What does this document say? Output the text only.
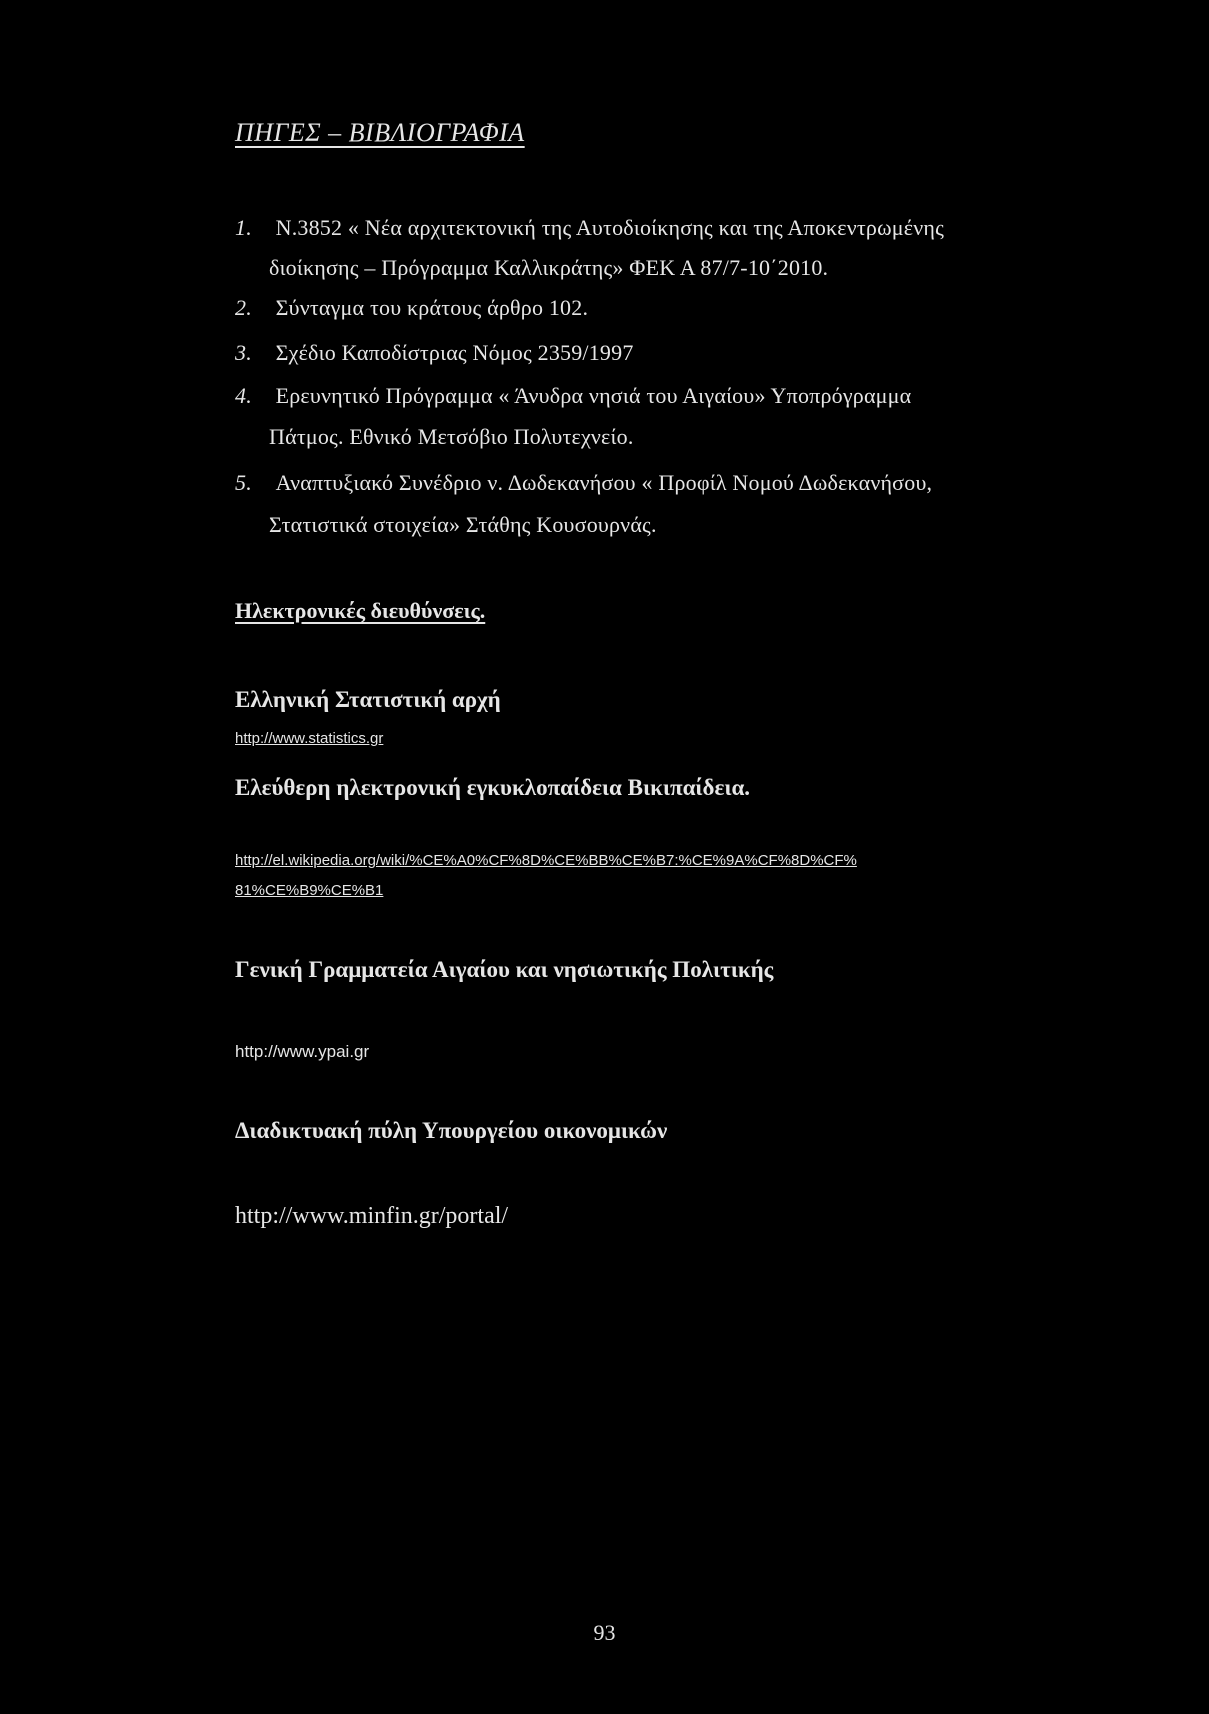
ΠΗΓΕΣ – ΒΙΒΛΙΟΓΡΑΦΙΑ
1. Ν.3852 « Νέα αρχιτεκτονική της Αυτοδιοίκησης και της Αποκεντρωμένης
διοίκησης – Πρόγραμμα Καλλικράτης» ΦΕΚ Α 87/7-10΄2010.
2. Σύνταγμα του κράτους άρθρο 102.
3. Σχέδιο Καποδίστριας Νόμος 2359/1997
4. Ερευνητικό Πρόγραμμα « Άνυδρα νησιά του Αιγαίου» Υποπρόγραμμα
Πάτμος. Εθνικό Μετσόβιο Πολυτεχνείο.
5. Αναπτυξιακό Συνέδριο ν. Δωδεκανήσου « Προφίλ Νομού Δωδεκανήσου,
Στατιστικά στοιχεία» Στάθης Κουσουρνάς.
Ηλεκτρονικές διευθύνσεις.
Ελληνική Στατιστική αρχή
http://www.statistics.gr
Ελεύθερη ηλεκτρονική εγκυκλοπαίδεια Βικιπαίδεια.
http://el.wikipedia.org/wiki/%CE%A0%CF%8D%CE%BB%CE%B7:%CE%9A%CF%8D%CF%
81%CE%B9%CE%B1
Γενική Γραμματεία Αιγαίου και νησιωτικής Πολιτικής
http://www.ypai.gr
Διαδικτυακή πύλη Υπουργείου οικονομικών
http://www.minfin.gr/portal/
93
